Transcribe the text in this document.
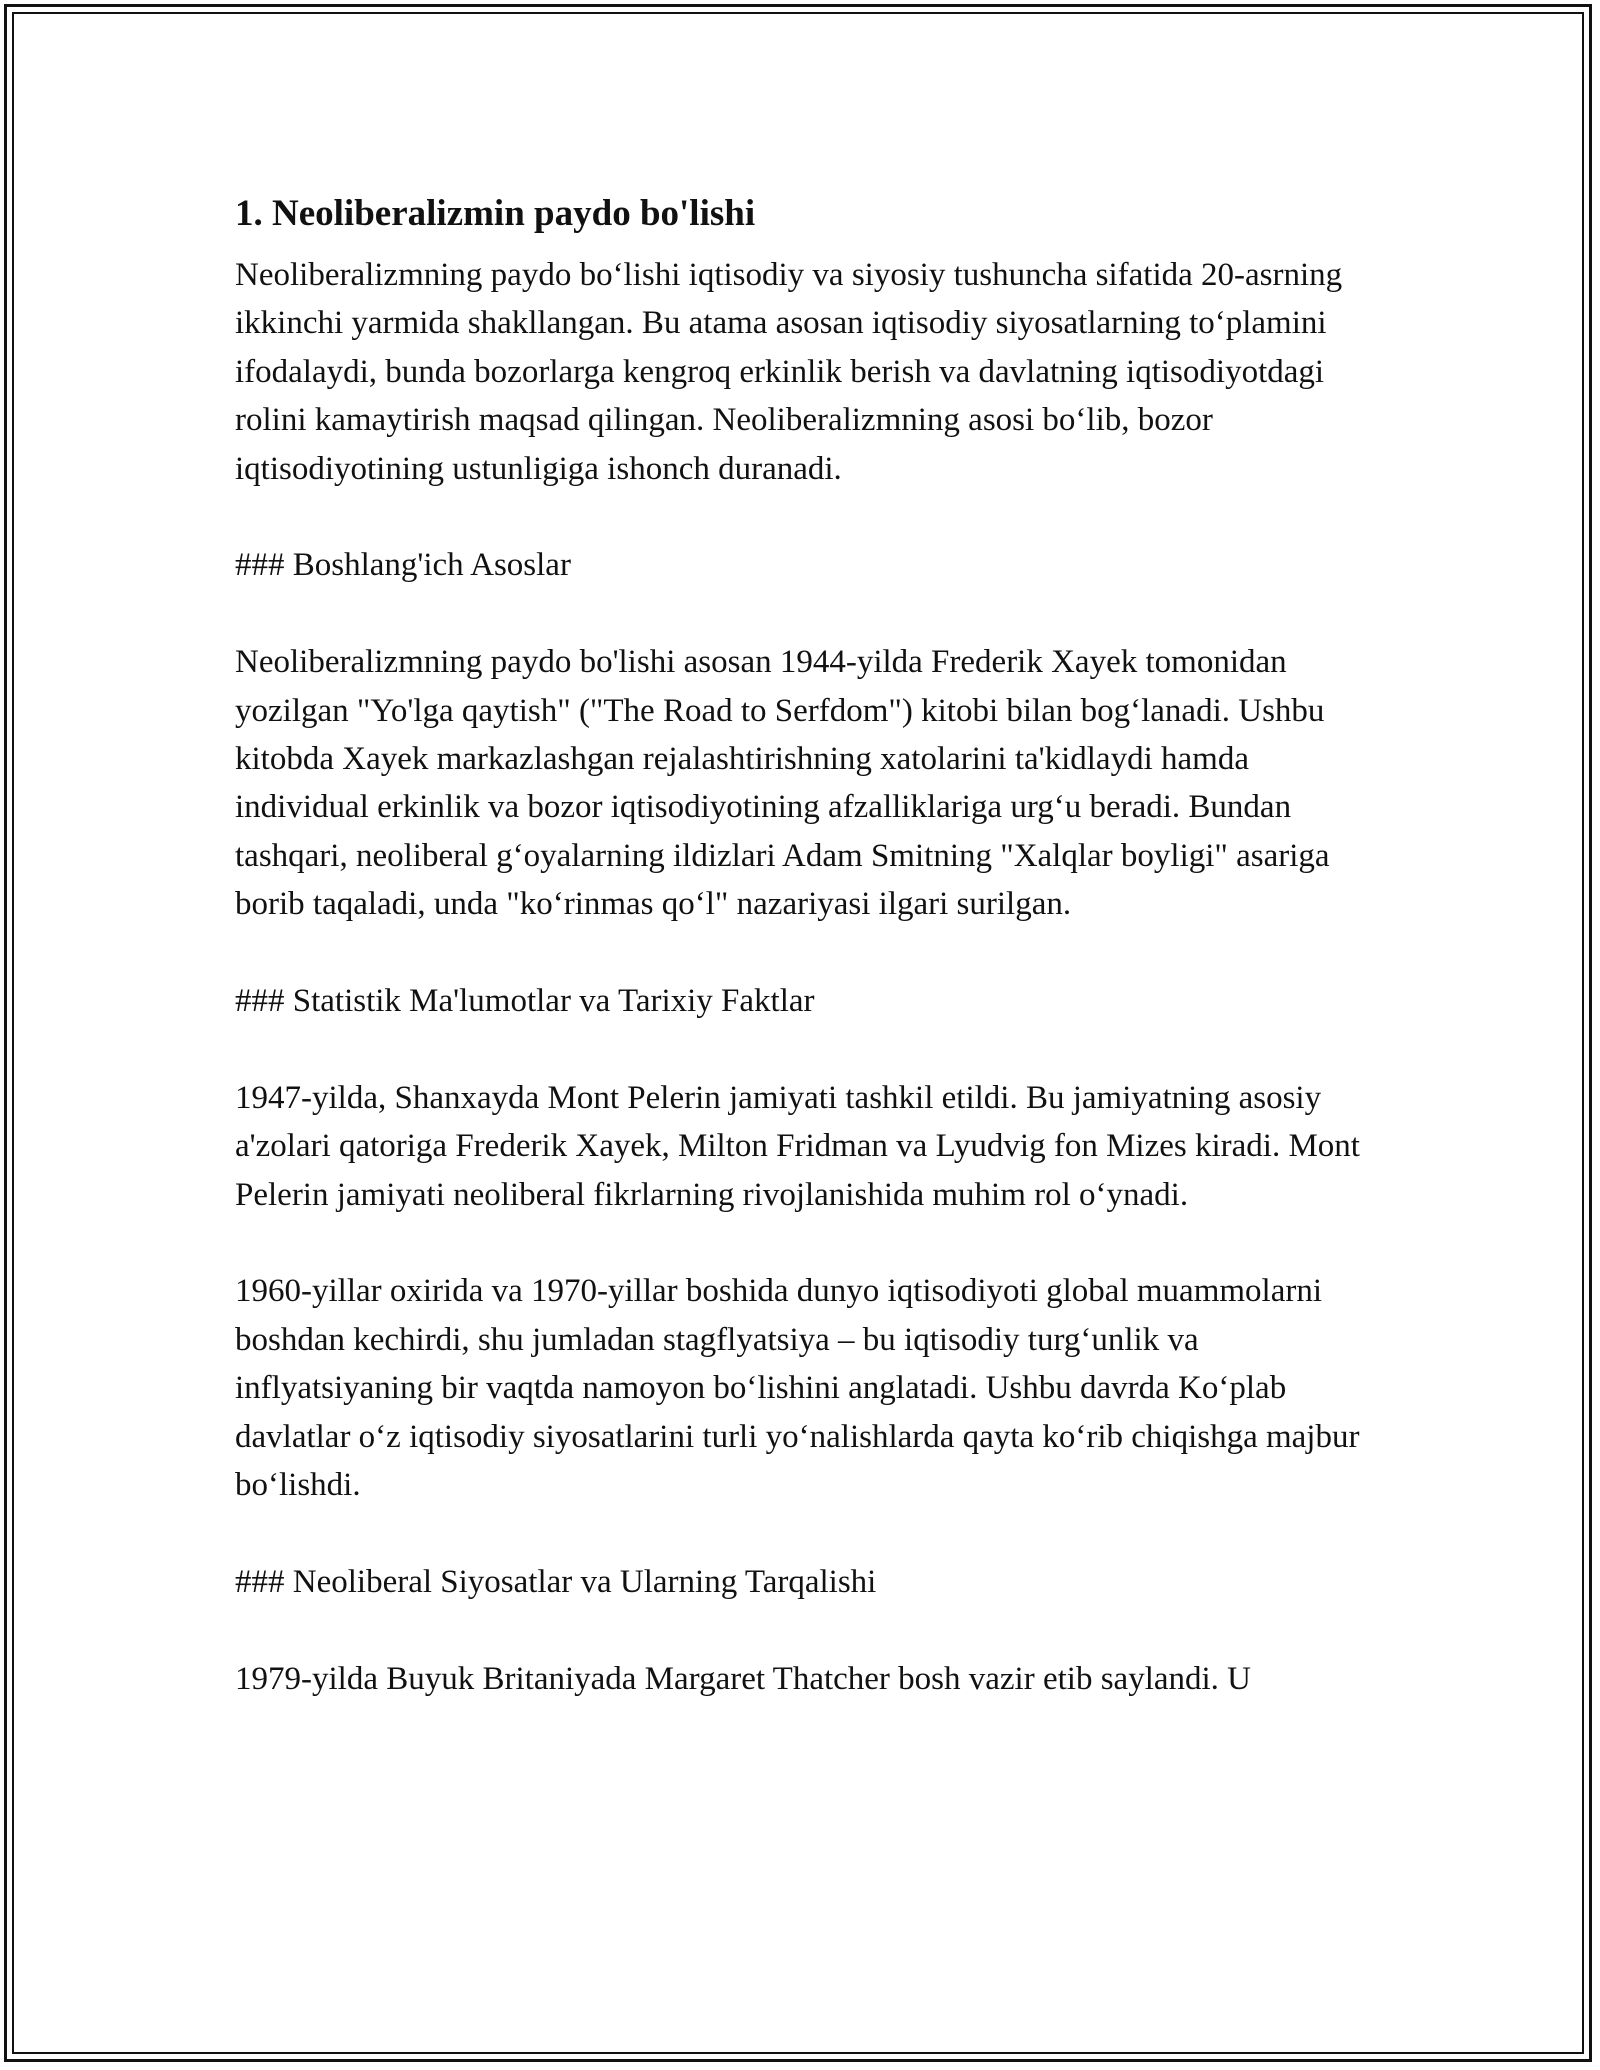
1. Neoliberalizmin paydo bo'lishi

Neoliberalizmning paydo bo‘lishi iqtisodiy va siyosiy tushuncha sifatida 20-asrning ikkinchi yarmida shakllangan. Bu atama asosan iqtisodiy siyosatlarning to‘plamini ifodalaydi, bunda bozorlarga kengroq erkinlik berish va davlatning iqtisodiyotdagi rolini kamaytirish maqsad qilingan. Neoliberalizmning asosi bo‘lib, bozor iqtisodiyotining ustunligiga ishonch duranadi.

### Boshlang'ich Asoslar

Neoliberalizmning paydo bo'lishi asosan 1944-yilda Frederik Xayek tomonidan yozilgan "Yo'lga qaytish" ("The Road to Serfdom") kitobi bilan bog‘lanadi. Ushbu kitobda Xayek markazlashgan rejalashtirishning xatolarini ta'kidlaydi hamda individual erkinlik va bozor iqtisodiyotining afzalliklariga urg‘u beradi. Bundan tashqari, neoliberal g‘oyalarning ildizlari Adam Smitning "Xalqlar boyligi" asariga borib taqaladi, unda "ko‘rinmas qo‘l" nazariyasi ilgari surilgan.

### Statistik Ma'lumotlar va Tarixiy Faktlar

1947-yilda, Shanxayda Mont Pelerin jamiyati tashkil etildi. Bu jamiyatning asosiy a'zolari qatoriga Frederik Xayek, Milton Fridman va Lyudvig fon Mizes kiradi. Mont Pelerin jamiyati neoliberal fikrlarning rivojlanishida muhim rol o‘ynadi.

1960-yillar oxirida va 1970-yillar boshida dunyo iqtisodiyoti global muammolarni boshdan kechirdi, shu jumladan stagflyatsiya – bu iqtisodiy turg‘unlik va inflyatsiyaning bir vaqtda namoyon bo‘lishini anglatadi. Ushbu davrda Ko‘plab davlatlar o‘z iqtisodiy siyosatlarini turli yo‘nalishlarda qayta ko‘rib chiqishga majbur bo‘lishdi.

### Neoliberal Siyosatlar va Ularning Tarqalishi

1979-yilda Buyuk Britaniyada Margaret Thatcher bosh vazir etib saylandi. U
